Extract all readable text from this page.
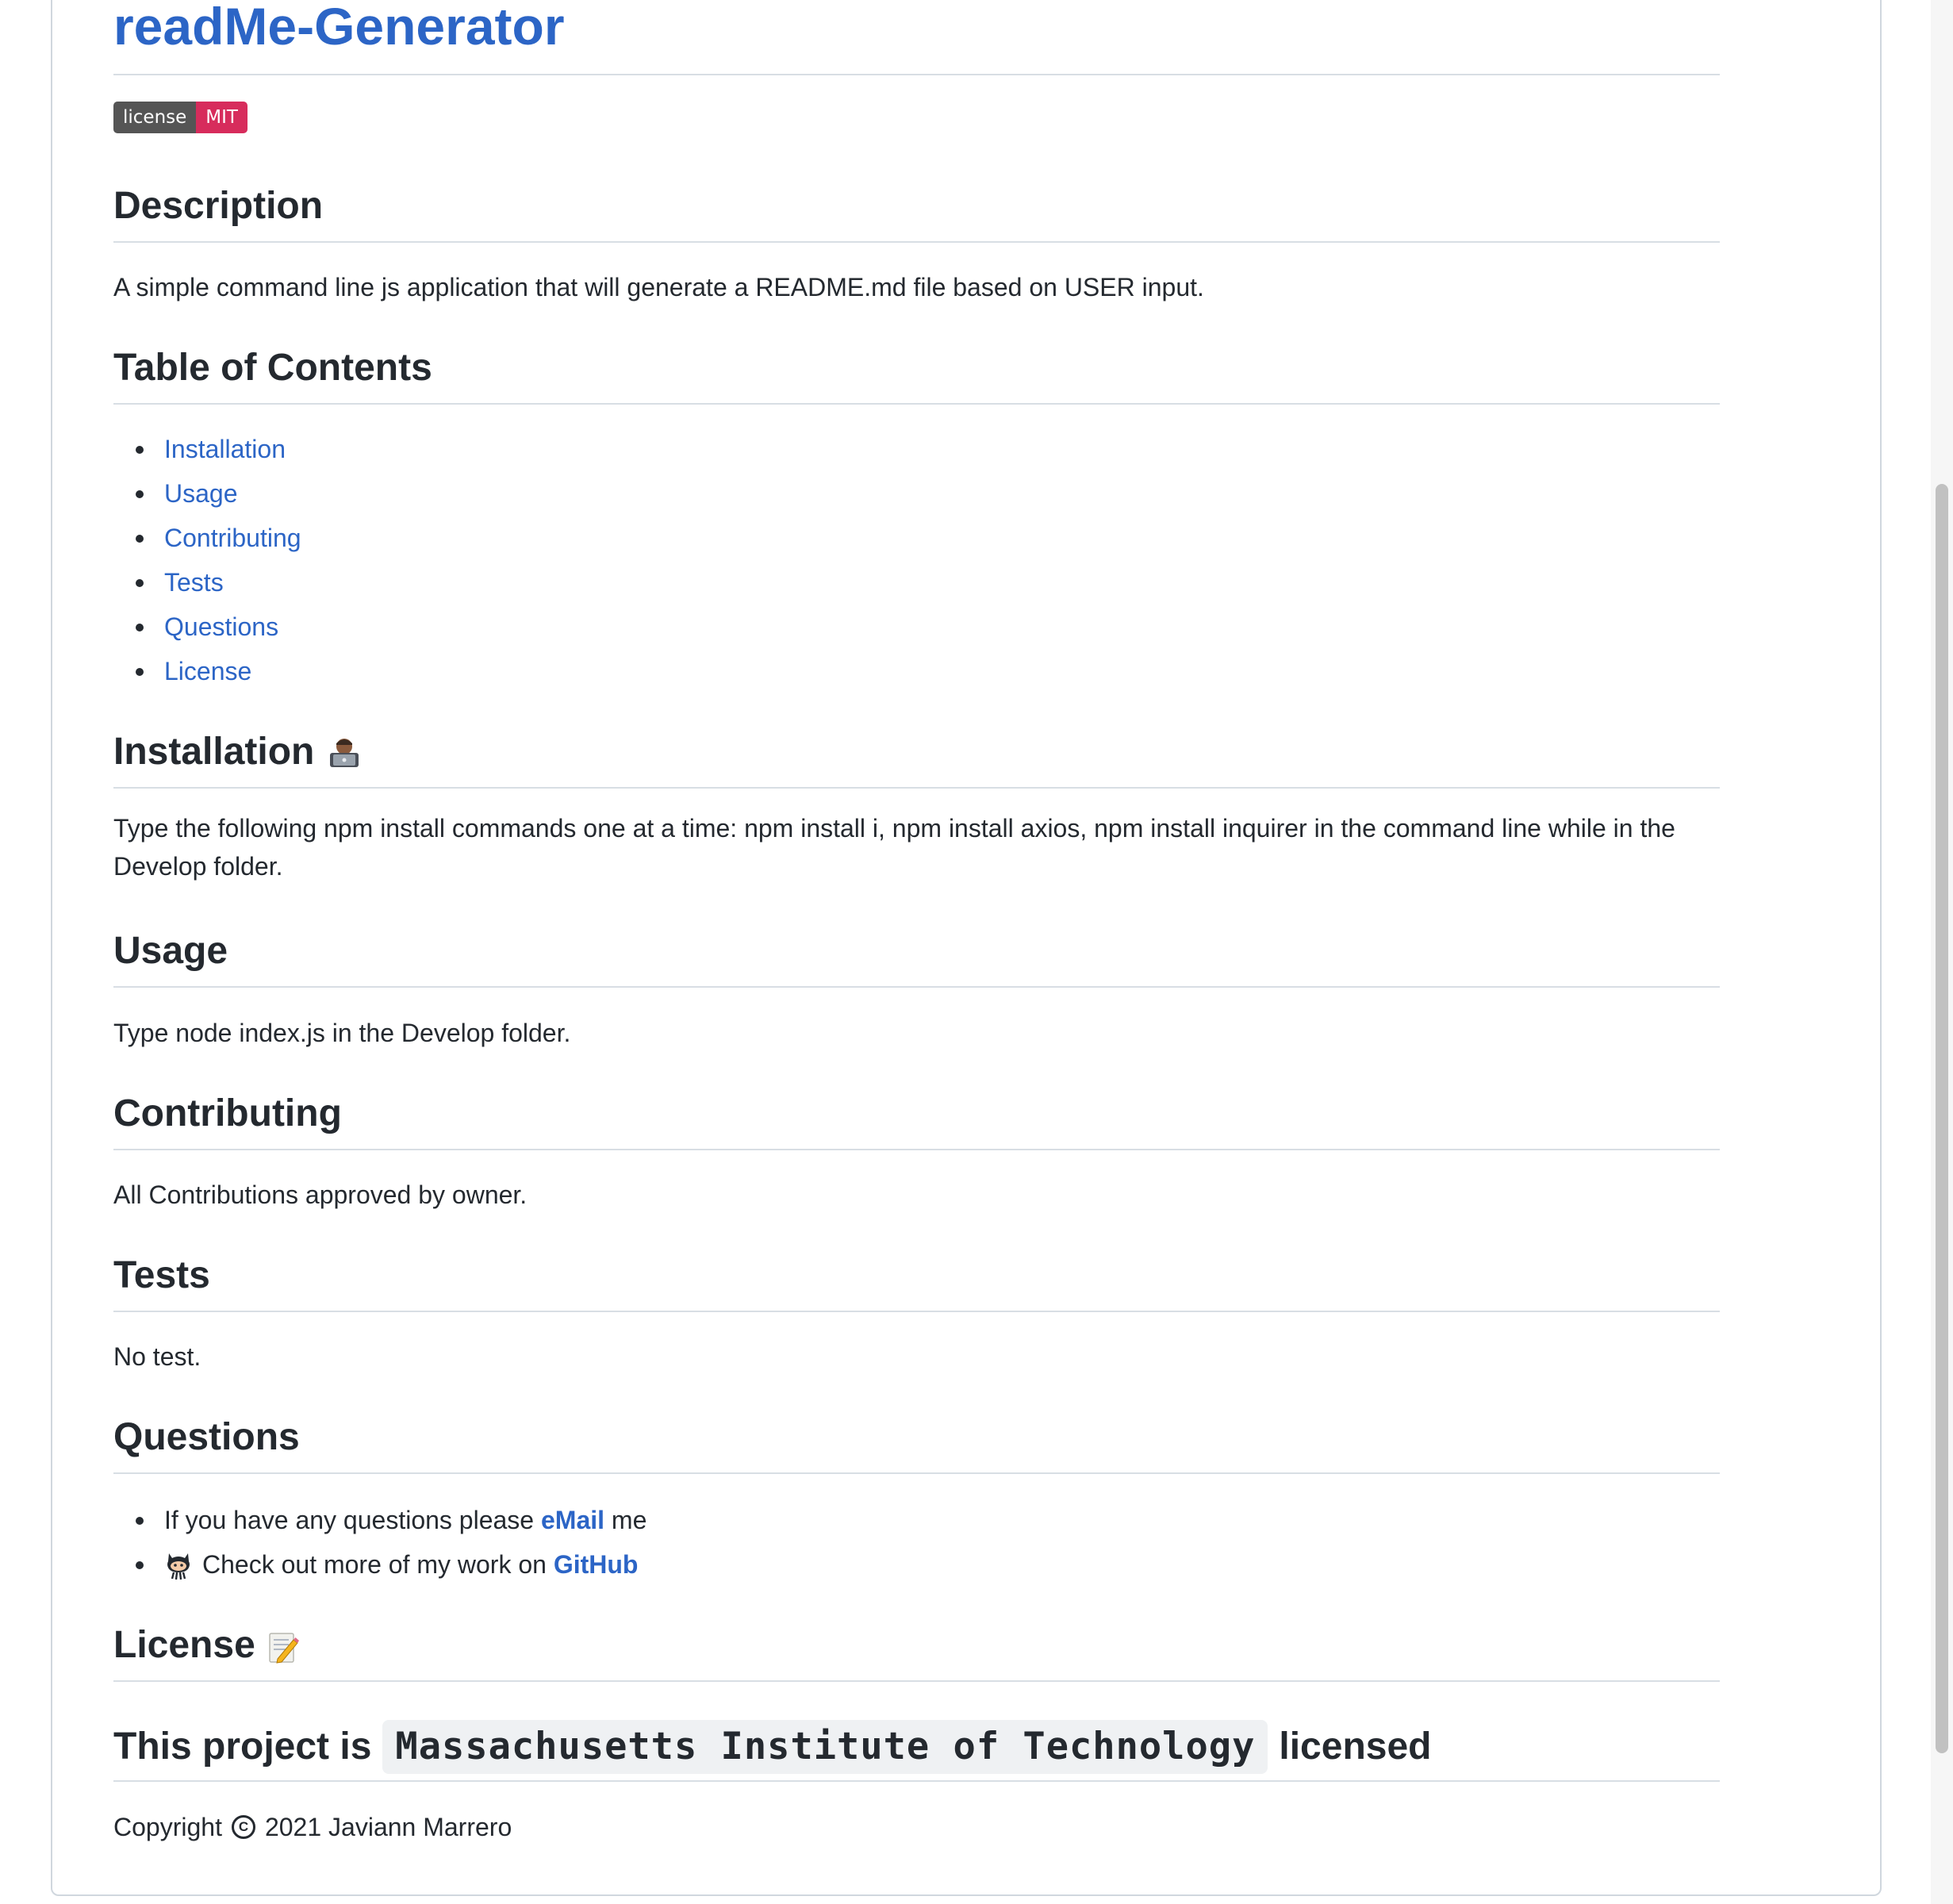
readMe-Generator
license	MIT
Description
A simple command line js application that will generate a README.md file based on USER input.
Table of Contents
Installation
Usage
Contributing
Tests
Questions
License
Installation
Type the following npm install commands one at a time: npm install i, npm install axios, npm install inquirer in the command line while in the Develop folder.
Usage
Type node index.js in the Develop folder.
Contributing
All Contributions approved by owner.
Tests
No test.
Questions
If you have any questions please
eMail
me
Check out more of my work on
GitHub
License
This project is Massachusetts Institute of Technology licensed
CopyrightC 2021 Javiann Marrero
